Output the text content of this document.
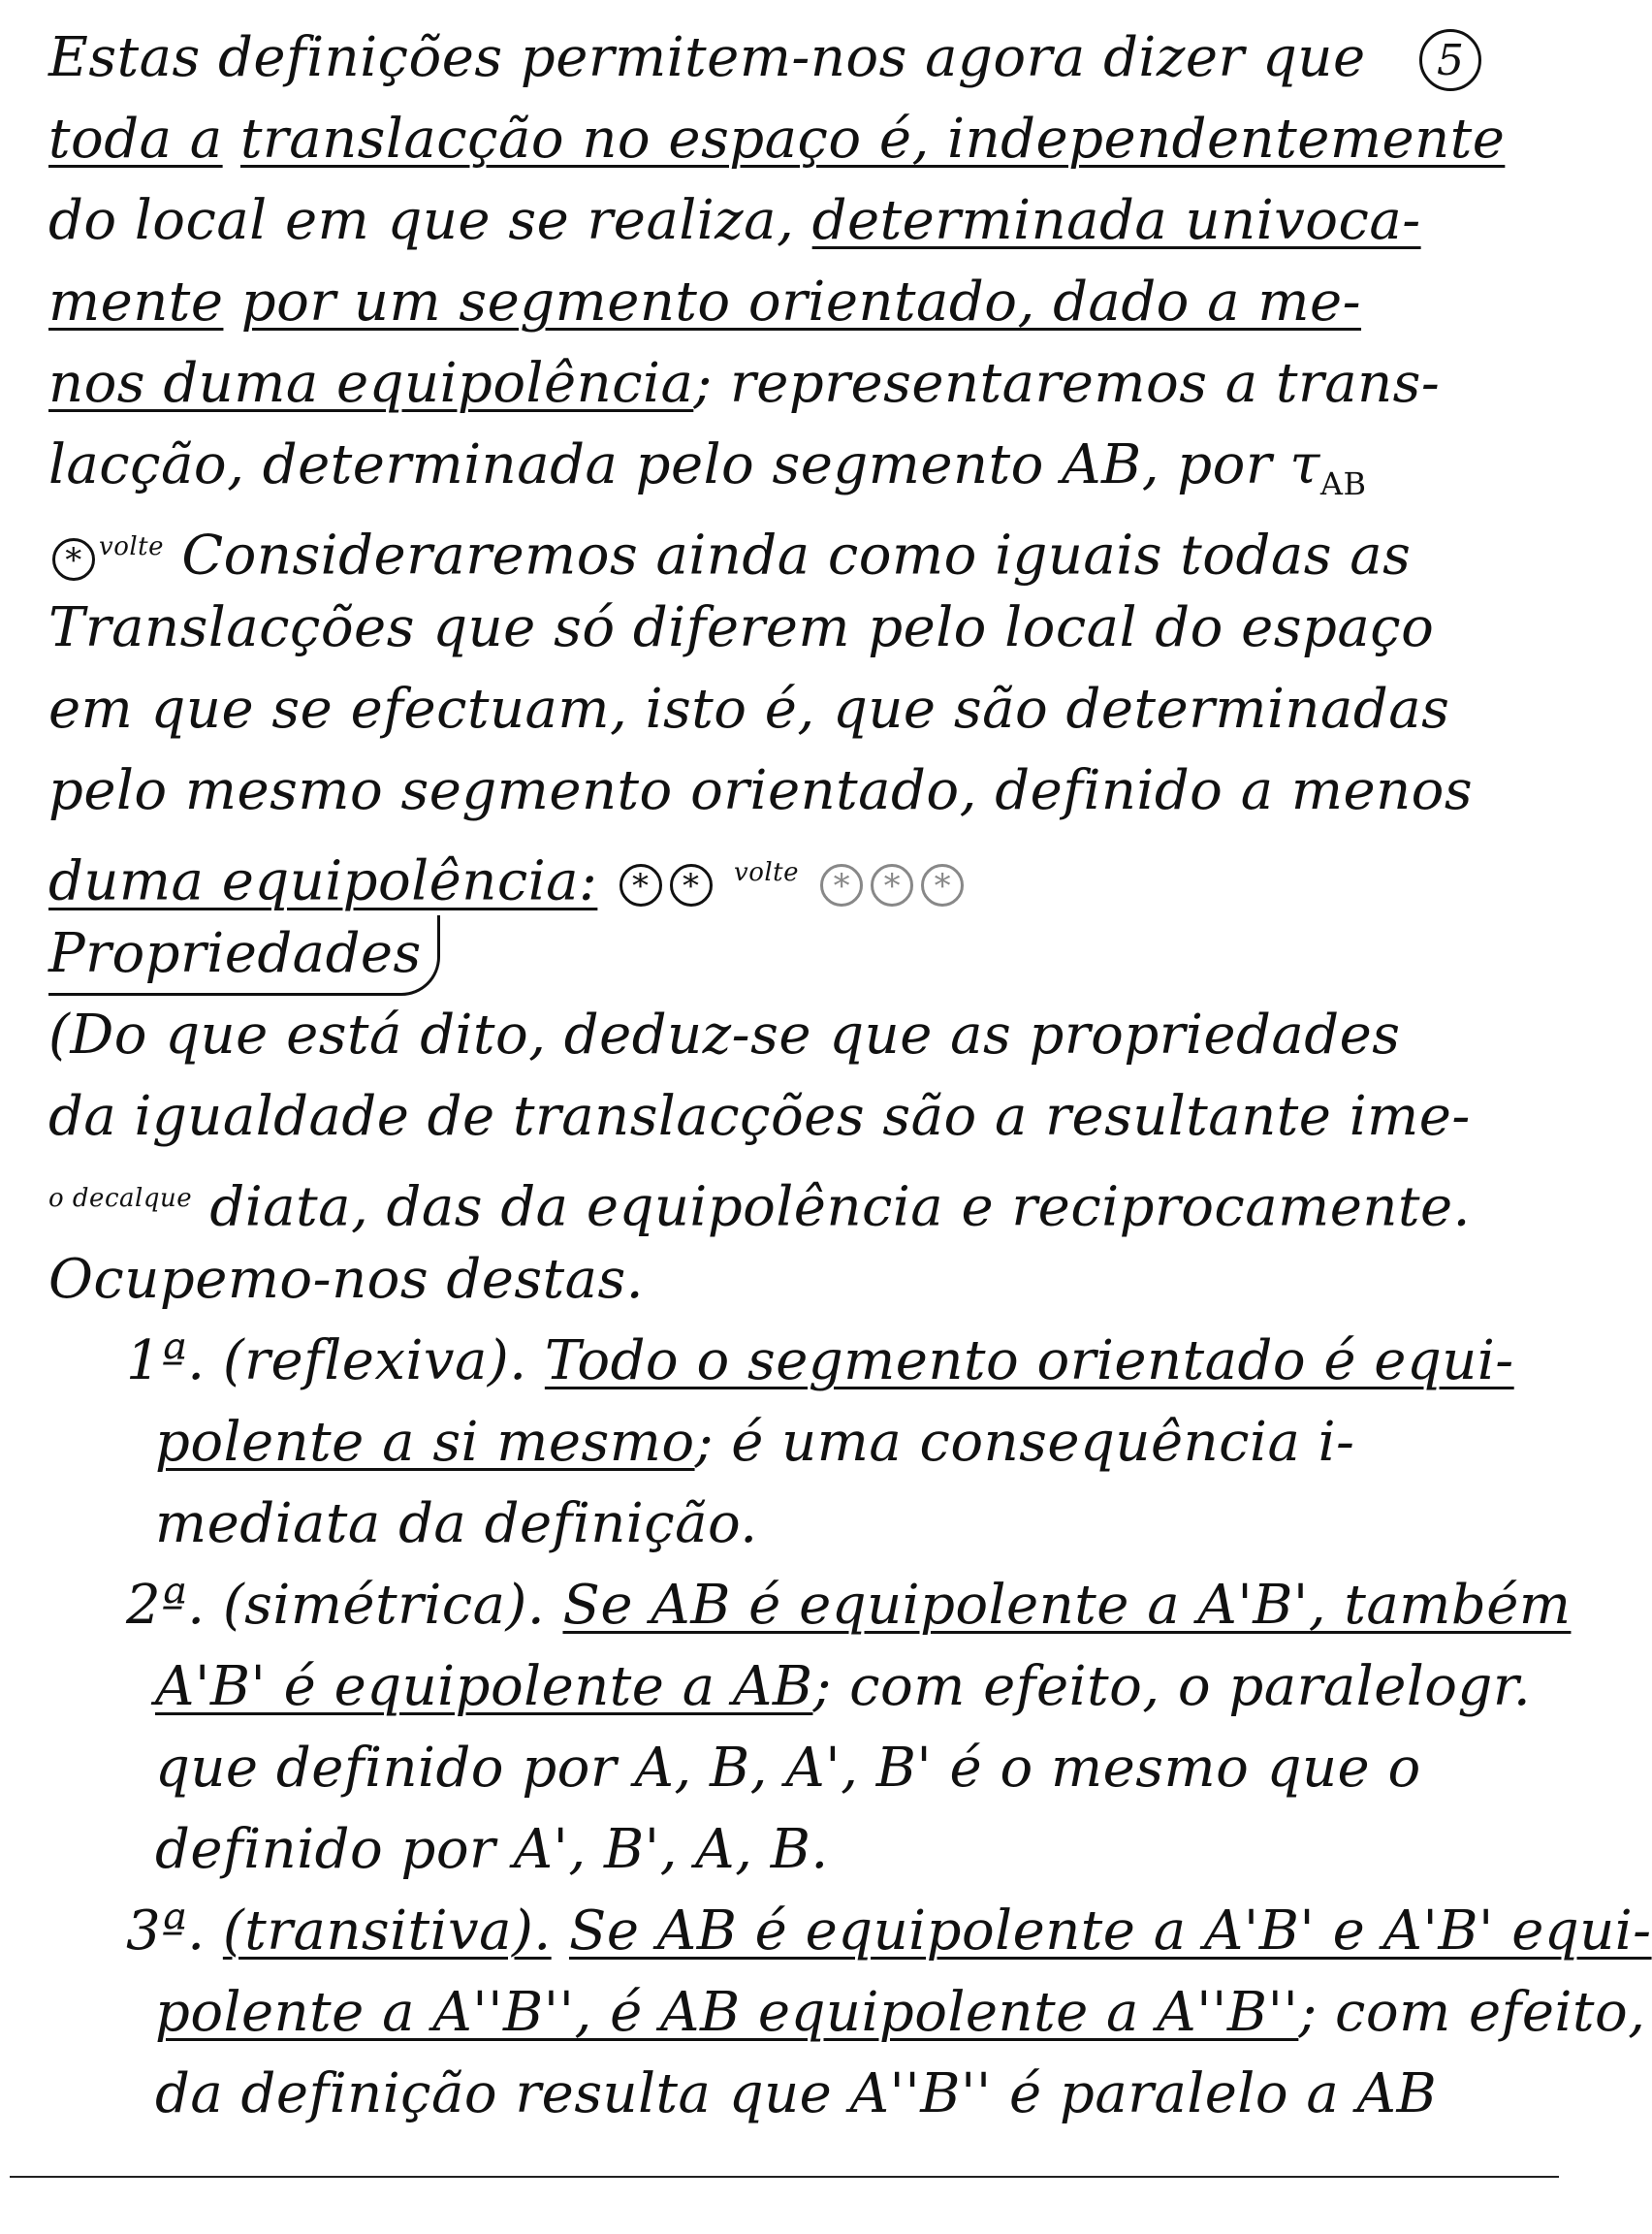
5
Estas definições permitem-nos agora dizer que
toda a translacção no espaço é, independentemente
do local em que se realiza, determinada univoca-
mente por um segmento orientado, dado a me-
nos duma equipolência; representaremos a trans-
lacção, determinada pelo segmento AB, por $\tau_{AB}$
* $^{volte}$ Consideraremos ainda como iguais todas as
Translacções que só diferem pelo local do espaço
em que se efectuam, isto é, que são determinadas
pelo mesmo segmento orientado, definido a menos
duma equipolência: * * $^{volte}$ * * *
Propriedades
(Do que está dito, deduz-se que as propriedades
da igualdade de translacções são a resultante ime-
$^{o decalque}$ diata, das da equipolência e reciprocamente.
Ocupemo-nos destas.
1ª. (reflexiva). Todo o segmento orientado é equi-
polente a si mesmo; é uma consequência i-
mediata da definição.
2ª. (simétrica). Se AB é equipolente a A'B', também
A'B' é equipolente a AB; com efeito, o paralelogr.
que definido por A, B, A', B' é o mesmo que o
definido por A', B', A, B.
3ª. (transitiva). Se AB é equipolente a A'B' e A'B' equi-
polente a A''B'', é AB equipolente a A''B''; com efeito,
da definição resulta que A''B'' é paralelo a AB
